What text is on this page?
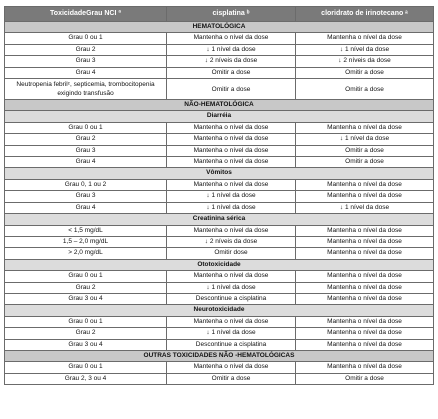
ToxicidadeGrau NCI ª	cisplatina ᵇ	cloridrato de irinotecano ᵃ
HEMATOLÓGICA		
Grau 0 ou 1	Mantenha o nível da dose	Mantenha o nível da dose
Grau 2	↓ 1 nível da dose	↓ 1 nível da dose
Grau 3	↓ 2 níveis da dose	↓ 2 níveis da dose
Grau 4	Omitir a dose	Omitir a dose
Neutropenia febrilᶜ, septicemia, trombocitopenia exigindo transfusão	Omitir a dose	Omitir a dose
NÃO-HEMATOLÓGICA		
Diarréia		
Grau 0 ou 1	Mantenha o nível da dose	Mantenha o nível da dose
Grau 2	Mantenha o nível da dose	↓ 1 nível da dose
Grau 3	Mantenha o nível da dose	Omitir a dose
Grau 4	Mantenha o nível da dose	Omitir a dose
Vômitos		
Grau 0, 1 ou 2	Mantenha o nível da dose	Mantenha o nível da dose
Grau 3	↓ 1 nível da dose	Mantenha o nível da dose
Grau 4	↓ 1 nível da dose	↓ 1 nível da dose
Creatinina sérica		
< 1,5 mg/dL	Mantenha o nível da dose	Mantenha o nível da dose
1,5 – 2,0 mg/dL	↓ 2 níveis da dose	Mantenha o nível da dose
> 2,0 mg/dL	Omitir dose	Mantenha o nível da dose
Ototoxicidade		
Grau 0 ou 1	Mantenha o nível da dose	Mantenha o nível da dose
Grau 2	↓ 1 nível da dose	Mantenha o nível da dose
Grau 3 ou 4	Descontinue a cisplatina	Mantenha o nível da dose
Neurotoxicidade		
Grau 0 ou 1	Mantenha o nível da dose	Mantenha o nível da dose
Grau 2	↓ 1 nível da dose	Mantenha o nível da dose
Grau 3 ou 4	Descontinue a cisplatina	Mantenha o nível da dose
OUTRAS TOXICIDADES NÃO -HEMATOLÓGICAS		
Grau 0 ou 1	Mantenha o nível da dose	Mantenha o nível da dose
Grau 2, 3 ou 4	Omitir a dose	Omitir a dose
